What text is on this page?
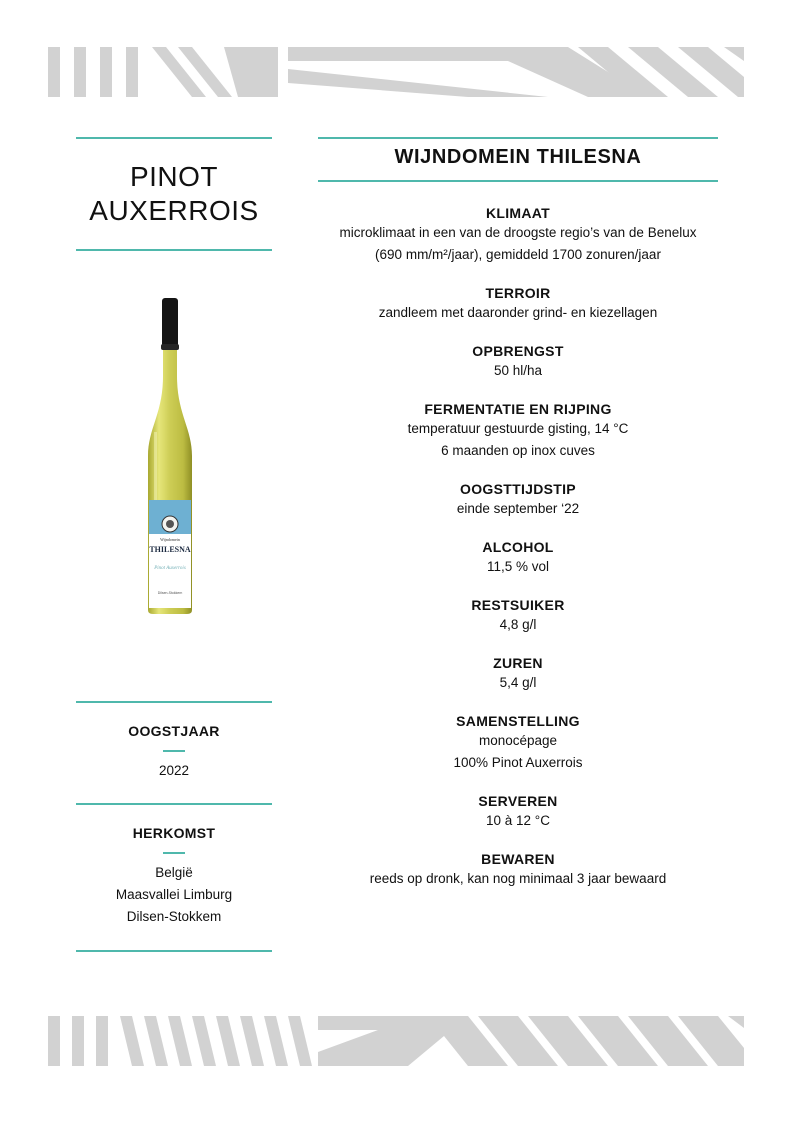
PINOT
AUXERROIS
Wijndomein
THILESNA
Pinot Auxerrois
Dilsen-Stokkem
OOGSTJAAR
2022
HERKOMST
België
Maasvallei Limburg
Dilsen-Stokkem
WIJNDOMEIN THILESNA
KLIMAAT
microklimaat in een van de droogste regio’s van de Benelux
(690 mm/m²/jaar), gemiddeld 1700 zonuren/jaar
TERROIR
zandleem met daaronder grind- en kiezellagen
OPBRENGST
50 hl/ha
FERMENTATIE EN RIJPING
temperatuur gestuurde gisting, 14 °C
6 maanden op inox cuves
OOGSTTIJDSTIP
einde september ‘22
ALCOHOL
11,5 % vol
RESTSUIKER
4,8 g/l
ZUREN
5,4 g/l
SAMENSTELLING
monocépage
100% Pinot Auxerrois
SERVEREN
10 à 12 °C
BEWAREN
reeds op dronk, kan nog minimaal 3 jaar bewaard
